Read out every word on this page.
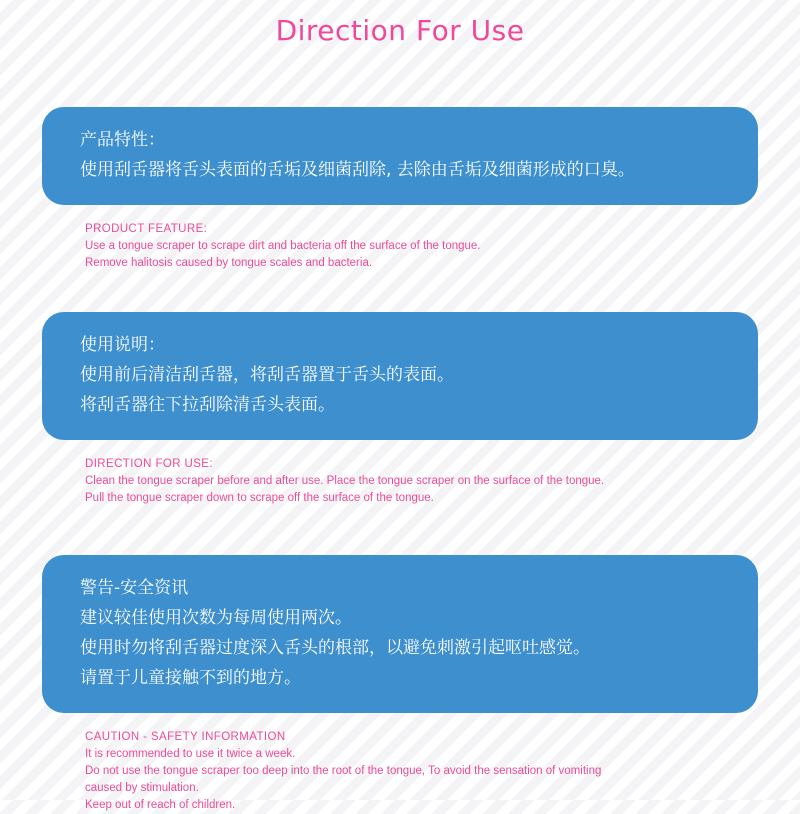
Direction For Use

产品特性：

使用刮舌器将舌头表面的舌垢及细菌刮除, 去除由舌垢及细菌形成的口臭。

PRODUCT FEATURE:

Use a tongue scraper to scrape dirt and bacteria off the surface of the tongue.

Remove halitosis caused by tongue scales and bacteria.

使用说明：

使用前后清洁刮舌器，将刮舌器置于舌头的表面。

将刮舌器往下拉刮除清舌头表面。

DIRECTION FOR USE:

Clean the tongue scraper before and after use. Place the tongue scraper on the surface of the tongue.

Pull the tongue scraper down to scrape off the surface of the tongue.

警告-安全资讯

建议较佳使用次数为每周使用两次。

使用时勿将刮舌器过度深入舌头的根部，以避免刺激引起呕吐感觉。

请置于儿童接触不到的地方。

CAUTION - SAFETY INFORMATION

It is recommended to use it twice a week.

Do not use the tongue scraper too deep into the root of the tongue, To avoid the sensation of vomiting

caused by stimulation.

Keep out of reach of children.
